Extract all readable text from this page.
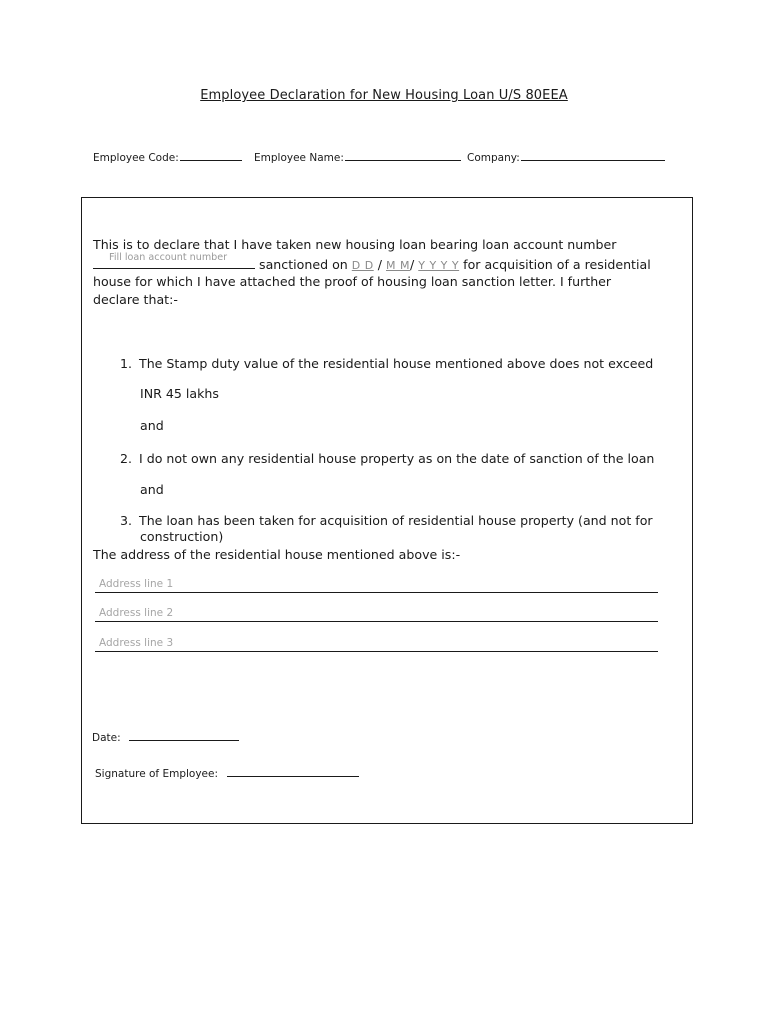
Employee Declaration for New Housing Loan U/S 80EEA
Employee Code:	Employee Name:	Company:
This is to declare that I have taken new housing loan bearing loan account number
Fill loan account number	sanctioned on D D / M M/ Y Y Y Y for acquisition of a residential
house for which I have attached the proof of housing loan sanction letter. I further
declare that:-
1. The Stamp duty value of the residential house mentioned above does not exceed
INR 45 lakhs
and
2. I do not own any residential house property as on the date of sanction of the loan
and
3. The loan has been taken for acquisition of residential house property (and not for
construction)
The address of the residential house mentioned above is:-
Address line 1
Address line 2
Address line 3
Date:
Signature of Employee:
